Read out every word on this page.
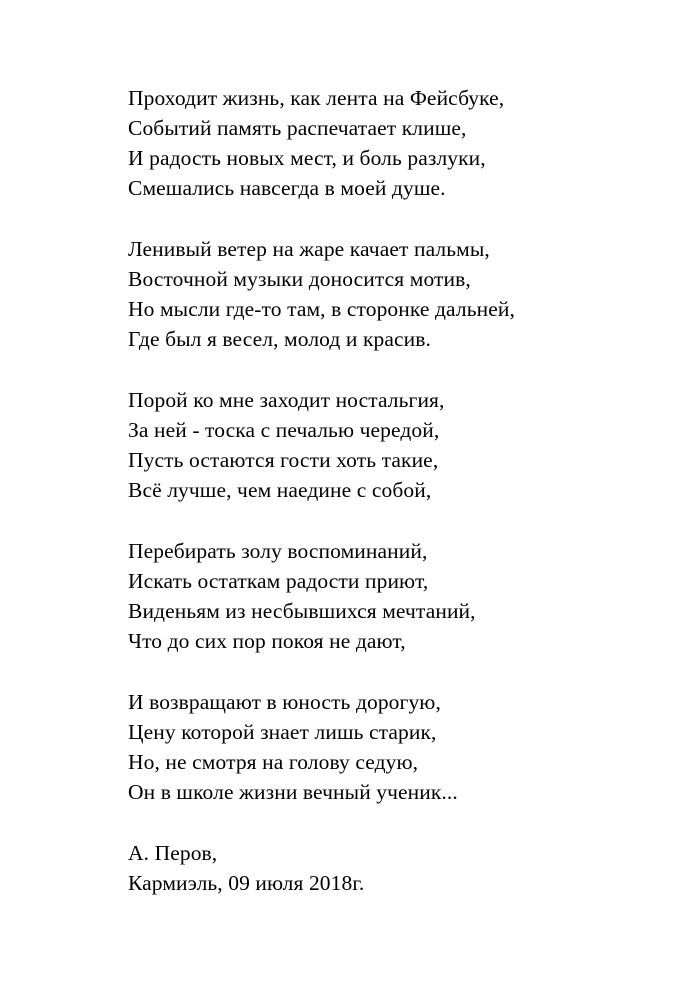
Проходит жизнь, как лента на Фейсбуке,

Событий память распечатает клише,

И радость новых мест, и боль разлуки,

Смешались навсегда в моей душе.

Ленивый ветер на жаре качает пальмы,

Восточной музыки доносится мотив,

Но мысли где-то там, в сторонке дальней,

Где был я весел, молод и красив.

Порой ко мне заходит ностальгия,

За ней - тоска с печалью чередой,

Пусть остаются гости хоть такие,

Всё лучше, чем наедине с собой,

Перебирать золу воспоминаний,

Искать остаткам радости приют,

Виденьям из несбывшихся мечтаний,

Что до сих пор покоя не дают,

И возвращают в юность дорогую,

Цену которой знает лишь старик,

Но, не смотря на голову седую,

Он в школе жизни вечный ученик...

А. Перов,

Кармиэль, 09 июля 2018г.
